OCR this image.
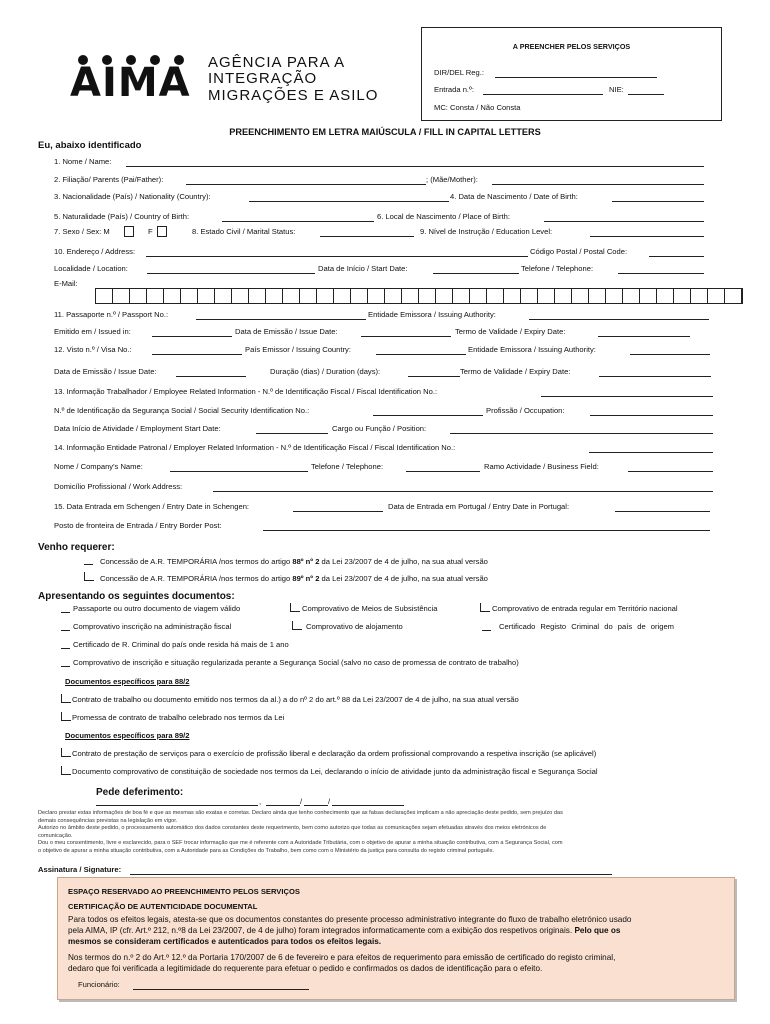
AIMA AGÊNCIA PARA A
INTEGRAÇÃO
MIGRAÇÕES E ASILO
A PREENCHER PELOS SERVIÇOS
DIR/DEL Reg.:
Entrada n.º:	NIE:
MC: Consta / Não Consta
PREENCHIMENTO EM LETRA MAIÚSCULA / FILL IN CAPITAL LETTERS
Eu, abaixo identificado
1. Nome / Name:
2. Filiação/ Parents (Pai/Father):	; (Mãe/Mother):
3. Nacionalidade (País) / Nationality (Country):	4. Data de Nascimento / Date of Birth:
5. Naturalidade (País) / Country of Birth:	6. Local de Nascimento / Place of Birth:
7. Sexo / Sex: M	F	8. Estado Civil / Marital Status:	9. Nível de Instrução / Education Level:
10. Endereço / Address:	Código Postal / Postal Code:
Localidade / Location:	Data de Início / Start Date:	Telefone / Telephone:
E-Mail:
11. Passaporte n.º / Passport No.:	Entidade Emissora / Issuing Authority:
Emitido em / Issued in:	Data de Emissão / Issue Date:	Termo de Validade / Expiry Date:
12. Visto n.º / Visa No.:	País Emissor / Issuing Country:	Entidade Emissora / Issuing Authority:
Data de Emissão / Issue Date:	Duração (dias) / Duration (days):	Termo de Validade / Expiry Date:
13. Informação Trabalhador / Employee Related Information - N.º de Identificação Fiscal / Fiscal Identification No.:
N.º de Identificação da Segurança Social / Social Security Identification No.:	Profissão / Occupation:
Data Início de Atividade / Employment Start Date:	Cargo ou Função / Position:
14. Informação Entidade Patronal / Employer Related Information - N.º de Identificação Fiscal / Fiscal Identification No.:
Nome / Company's Name:	Telefone / Telephone:	Ramo Actividade / Business Field:
Domicílio Profissional / Work Address:
15. Data Entrada em Schengen / Entry Date in Schengen:	Data de Entrada em Portugal / Entry Date in Portugal:
Posto de fronteira de Entrada / Entry Border Post:
Venho requerer:
Concessão de A.R. TEMPORÁRIA /nos termos do artigo 88º nº 2 da Lei 23/2007 de 4 de julho, na sua atual versão
Concessão de A.R. TEMPORÁRIA /nos termos do artigo 89º nº 2 da Lei 23/2007 de 4 de julho, na sua atual versão
Apresentando os seguintes documentos:
Passaporte ou outro documento de viagem válido	Comprovativo de Meios de Subsistência	Comprovativo de entrada regular em Território nacional
Comprovativo inscrição na administração fiscal	Comprovativo de alojamento	Certificado Registo Criminal do país de origem
Certificado de R. Criminal do país onde resida há mais de 1 ano
Comprovativo de inscrição e situação regularizada perante a Segurança Social (salvo no caso de promessa de contrato de trabalho)
Documentos específicos para 88/2
Contrato de trabalho ou documento emitido nos termos da al.) a do nº 2 do art.º 88 da Lei 23/2007 de 4 de julho, na sua atual versão
Promessa de contrato de trabalho celebrado nos termos da Lei
Documentos específicos para 89/2
Contrato de prestação de serviços para o exercício de profissão liberal e declaração da ordem profissional comprovando a respetiva inscrição (se aplicável)
Documento comprovativo de constituição de sociedade nos termos da Lei, declarando o início de atividade junto da administração fiscal e Segurança Social
Pede deferimento:
,	/	/
Declaro prestar estas informações de boa fé e que as mesmas são exatas e corretas. Declaro ainda que tenho conhecimento que as falsas declarações implicam a não apreciação deste pedido, sem prejuízo das
demais consequências previstas na legislação em vigor.
Autorizo no âmbito deste pedido, o processamento automático dos dados constantes deste requerimento, bem como autorizo que todas as comunicações sejam efetuadas através dos meios eletrónicos de
comunicação.
Dou o meu consentimento, livre e esclarecido, para o SEF trocar informação que me é referente com a Autoridade Tributária, com o objetivo de apurar a minha situação contributiva, com a Segurança Social, com
o objetivo de apurar a minha situação contributiva, com a Autoridade para as Condições do Trabalho, bem como com o Ministério da justiça para consulta do registo criminal português.
Assinatura / Signature:
ESPAÇO RESERVADO AO PREENCHIMENTO PELOS SERVIÇOS
CERTIFICAÇÃO DE AUTENTICIDADE DOCUMENTAL
Para todos os efeitos legais, atesta-se que os documentos constantes do presente processo administrativo integrante do fluxo de trabalho eletrónico usado
pela AIMA, IP (cfr. Art.º 212, n.º8 da Lei 23/2007, de 4 de julho) foram integrados informaticamente com a exibição dos respetivos originais. Pelo que os
mesmos se consideram certificados e autenticados para todos os efeitos legais.
Nos termos do n.º 2 do Art.º 12.º da Portaria 170/2007 de 6 de fevereiro e para efeitos de requerimento para emissão de certificado do registo criminal,
dedaro que foi verificada a legitimidade do requerente para efetuar o pedido e confirmados os dados de identificação para o efeito.
Funcionário:
